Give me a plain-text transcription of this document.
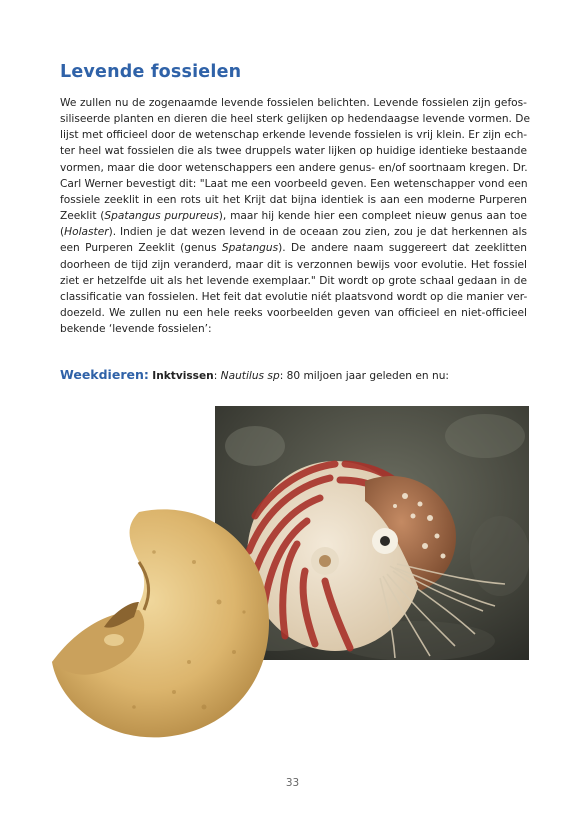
Levende fossielen
We zullen nu de zogenaamde levende fossielen belichten. Levende fossielen zijn gefos-
siliseerde planten en dieren die heel sterk gelijken op hedendaagse levende vormen. De
lijst met officieel door de wetenschap erkende levende fossielen is vrij klein. Er zijn ech-
ter heel wat fossielen die als twee druppels water lijken op huidige identieke bestaande
vormen, maar die door wetenschappers een andere genus- en/of soortnaam kregen. Dr.
Carl Werner bevestigt dit: "Laat me een voorbeeld geven. Een wetenschapper vond een
fossiele zeeklit in een rots uit het Krijt dat bijna identiek is aan een moderne Purperen
Zeeklit (Spatangus purpureus), maar hij kende hier een compleet nieuw genus aan toe
(Holaster). Indien je dat wezen levend in de oceaan zou zien, zou je dat herkennen als
een Purperen Zeeklit (genus Spatangus). De andere naam suggereert dat zeeklitten
doorheen de tijd zijn veranderd, maar dit is verzonnen bewijs voor evolutie. Het fossiel
ziet er hetzelfde uit als het levende exemplaar." Dit wordt op grote schaal gedaan in de
classificatie van fossielen. Het feit dat evolutie niét plaatsvond wordt op die manier ver-
doezeld. We zullen nu een hele reeks voorbeelden geven van officieel en niet-officieel
bekende ‘levende fossielen’:
Weekdieren: Inktvissen: Nautilus sp: 80 miljoen jaar geleden en nu:
33
